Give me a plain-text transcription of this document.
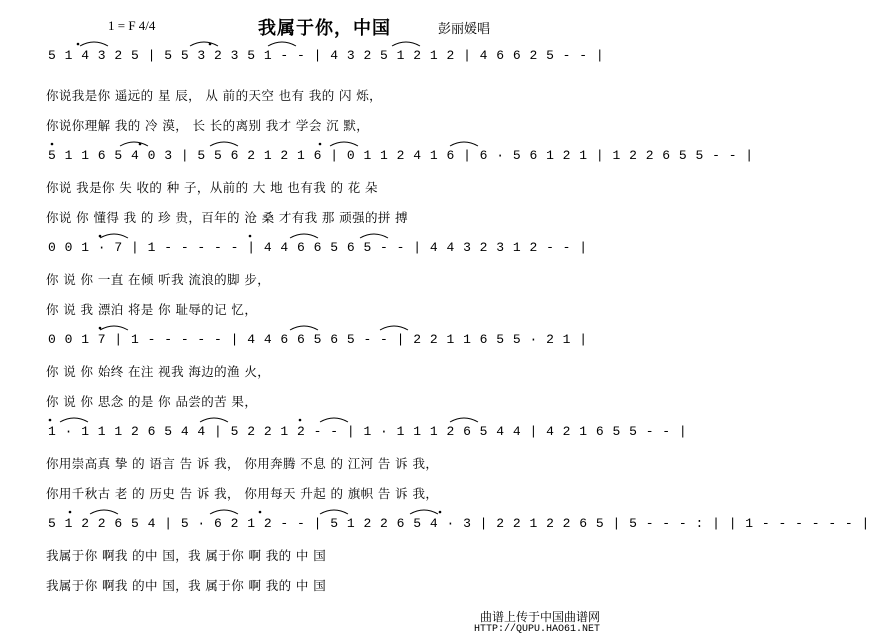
1 = F 4/4	我属于你，中国	彭丽媛唱
5 1 4 3 2 5 | 5 5 3 2 3 5 1 - - | 4 3 2 5 1 2 1 2 | 4 6 6 2 5 - - |
你说我是你 遥远的 星 辰， 从 前的天空 也有 我的 闪 烁，
你说你理解 我的 冷 漠， 长 长的离别 我才 学会 沉 默，
5 1 1 6 5 4 0 3 | 5 5 6 2 1 2 1 6 | 0 1 1 2 4 1 6 | 6 · 5 6 1 2 1 | 1 2 2 6 5 5 - - |
你说 我是你 失 收的 种 子，从前的 大 地 也有我 的 花 朵
你说 你 懂得 我 的 珍 贵，百年的 沧 桑 才有我 那 顽强的拼 搏
0 0 1 · 7 | 1 - - - - - | 4 4 6 6 5 6 5 - - | 4 4 3 2 3 1 2 - - |
你 说 你 一直 在倾 听我 流浪的脚 步，
你 说 我 漂泊 将是 你 耻辱的记 忆，
0 0 1 7 | 1 - - - - - | 4 4 6 6 5 6 5 - - | 2 2 1 1 6 5 5 · 2 1 |
你 说 你 始终 在注 视我 海边的渔 火，
你 说 你 思念 的是 你 品尝的苦 果，
1 · 1 1 1 2 6 5 4 4 | 5 2 2 1 2 - - | 1 · 1 1 1 2 6 5 4 4 | 4 2 1 6 5 5 - - |
你用崇高真 挚 的 语言 告 诉 我， 你用奔腾 不息 的 江河 告 诉 我，
你用千秋古 老 的 历史 告 诉 我， 你用每天 升起 的 旗帜 告 诉 我，
5 1 2 2 6 5 4 | 5 · 6 2 1 2 - - | 5 1 2 2 6 5 4 · 3 | 2 2 1 2 2 6 5 | 5 - - - : | | 1 - - - - - - |
我属于你 啊我 的中 国，我 属于你 啊 我的 中 国
我属于你 啊我 的中 国，我 属于你 啊 我的 中 国
曲谱上传于中国曲谱网
HTTP://QUPU.HAO61.NET
